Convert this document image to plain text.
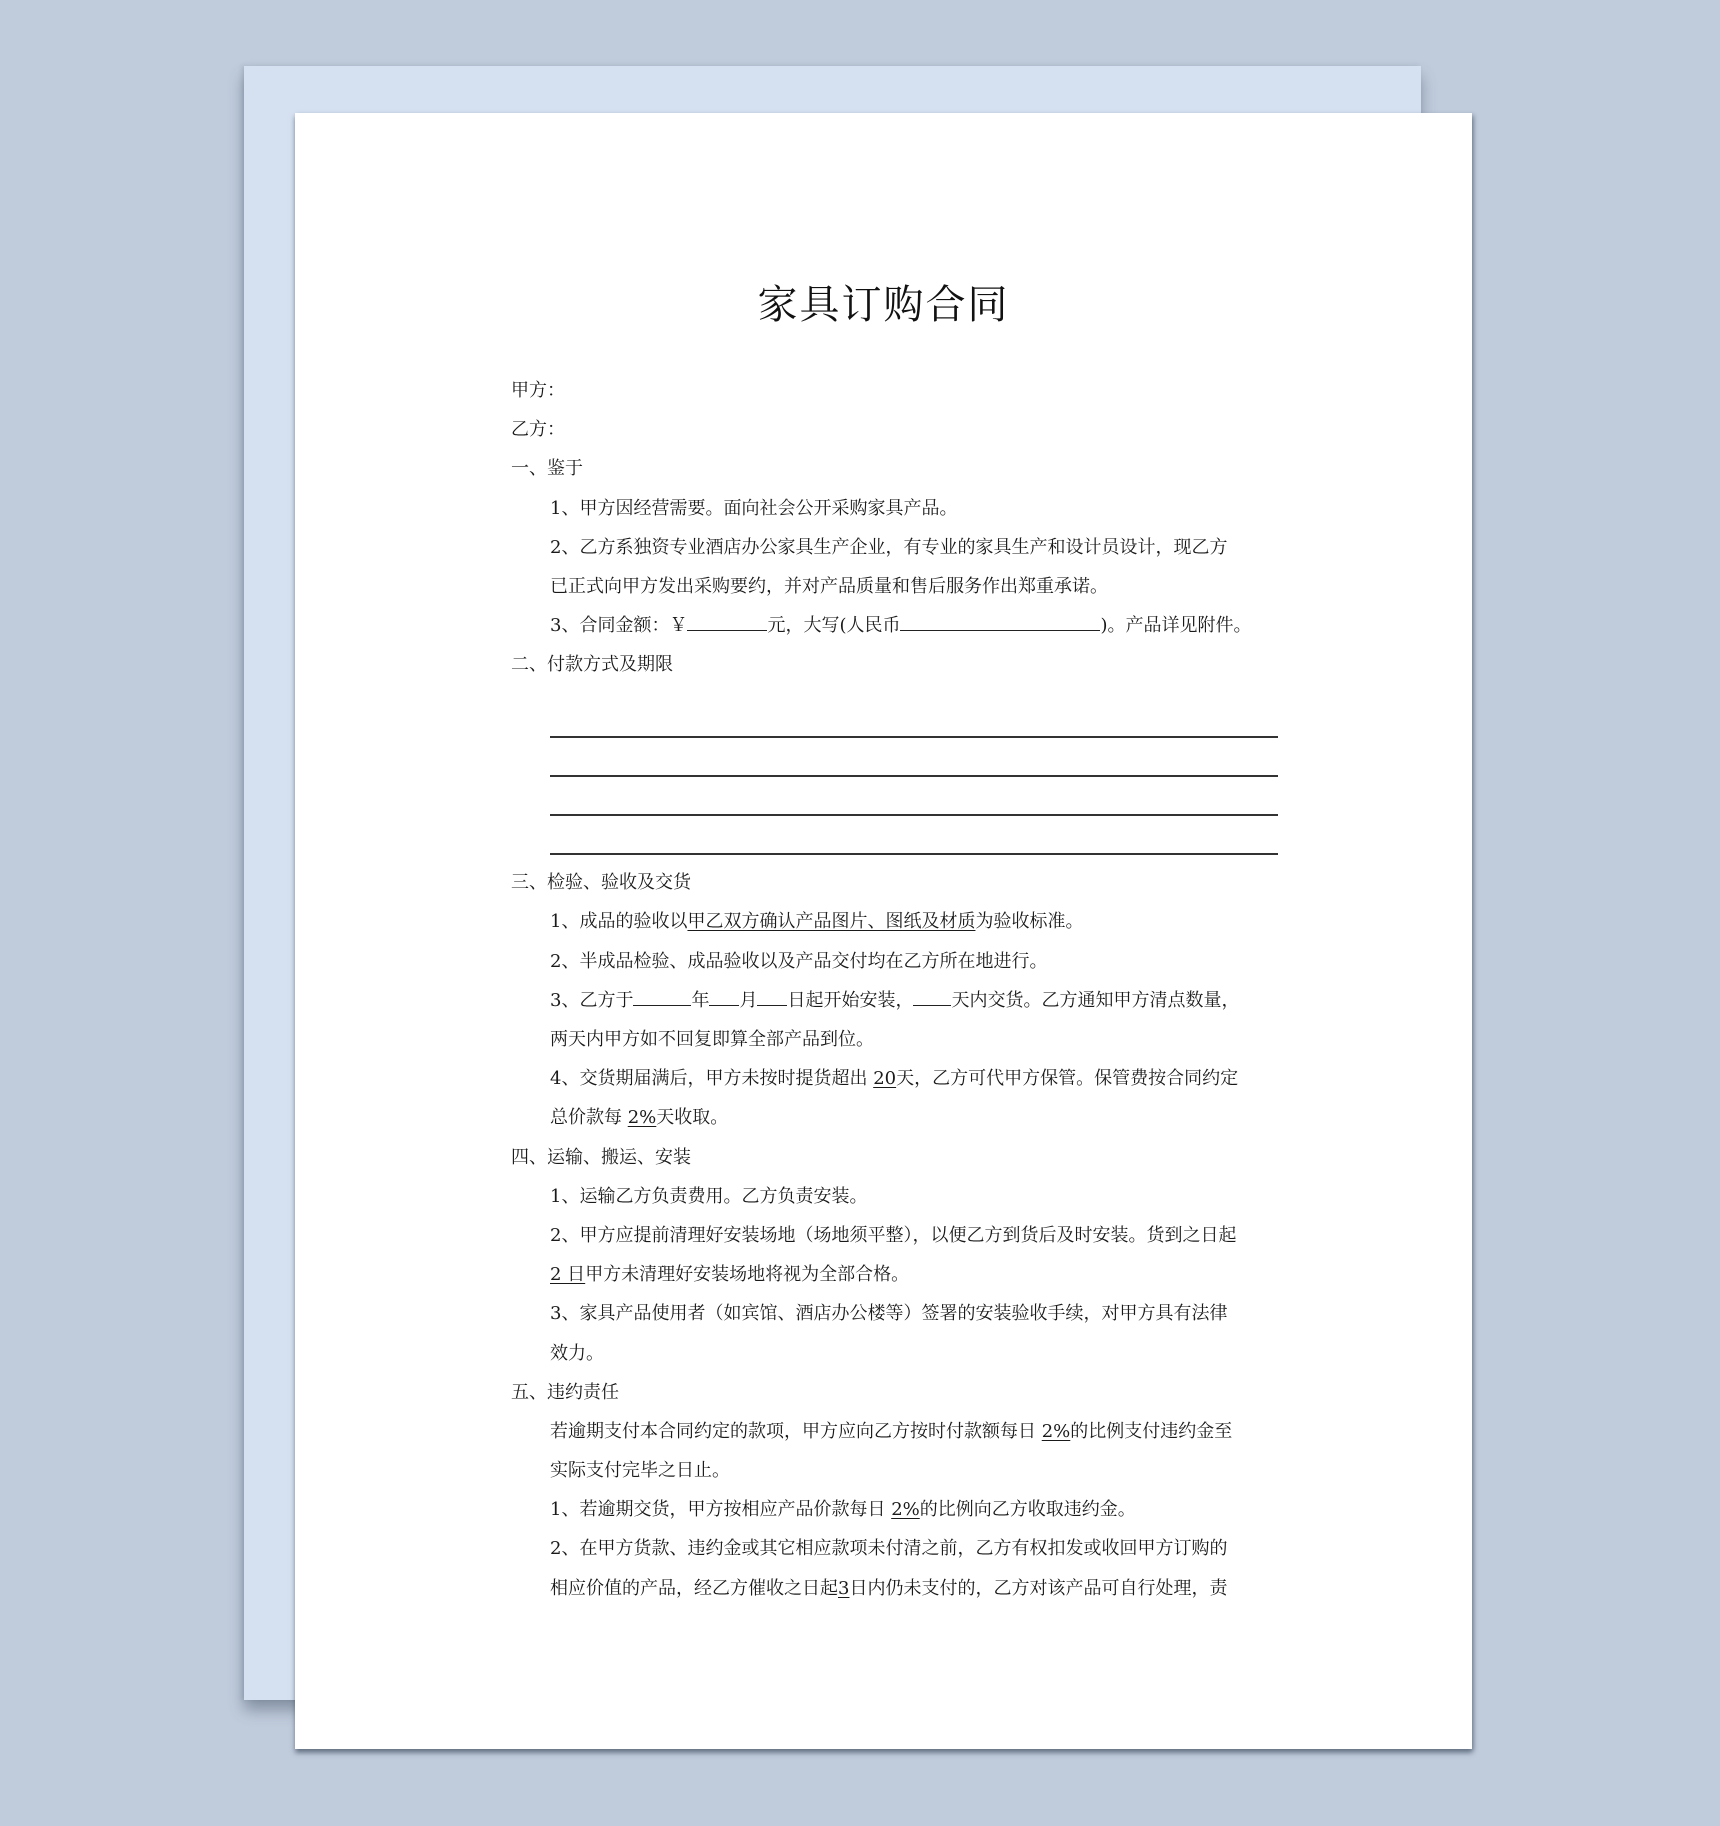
家具订购合同
甲方：
乙方：
一、鉴于
1、甲方因经营需要。面向社会公开采购家具产品。
2、乙方系独资专业酒店办公家具生产企业，有专业的家具生产和设计员设计，现乙方
已正式向甲方发出采购要约，并对产品质量和售后服务作出郑重承诺。
3、合同金额：￥	元，大写(人民币	)。产品详见附件。
二、付款方式及期限
三、检验、验收及交货
1、成品的验收以甲乙双方确认产品图片、图纸及材质为验收标准。
2、半成品检验、成品验收以及产品交付均在乙方所在地进行。
3、乙方于	年 月 日起开始安装， 天内交货。乙方通知甲方清点数量，
两天内甲方如不回复即算全部产品到位。
4、交货期届满后，甲方未按时提货超出 20天，乙方可代甲方保管。保管费按合同约定
总价款每 2%天收取。
四、运输、搬运、安装
1、运输乙方负责费用。乙方负责安装。
2、甲方应提前清理好安装场地（场地须平整），以便乙方到货后及时安装。货到之日起
2 日甲方未清理好安装场地将视为全部合格。
3、家具产品使用者（如宾馆、酒店办公楼等）签署的安装验收手续，对甲方具有法律
效力。
五、违约责任
若逾期支付本合同约定的款项，甲方应向乙方按时付款额每日 2%的比例支付违约金至
实际支付完毕之日止。
1、若逾期交货，甲方按相应产品价款每日 2%的比例向乙方收取违约金。
2、在甲方货款、违约金或其它相应款项未付清之前，乙方有权扣发或收回甲方订购的
相应价值的产品，经乙方催收之日起3日内仍未支付的，乙方对该产品可自行处理，责
